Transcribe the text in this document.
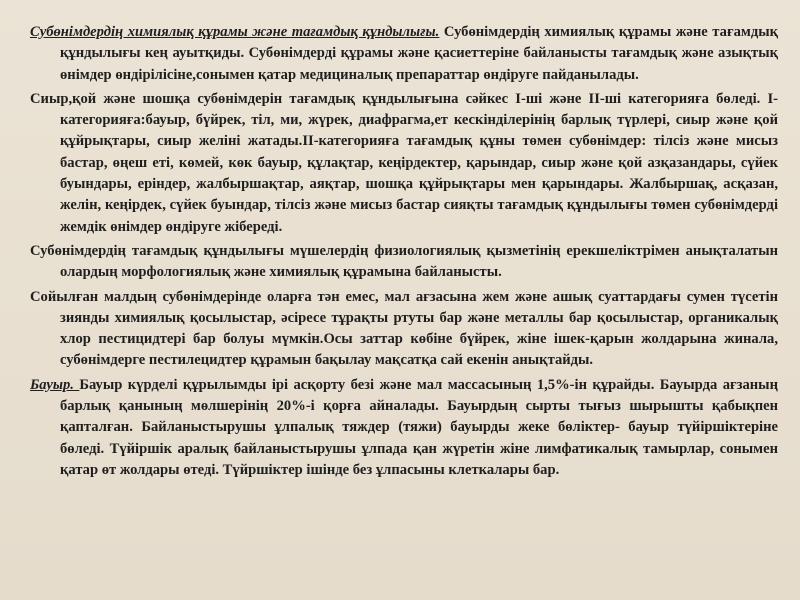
Субөнімдердің химиялық құрамы және тағамдық құндылығы. Субөнімдердің химиялық құрамы және тағамдық құндылығы кең ауытқиды. Субөнімдерді құрамы және қасиеттеріне байланысты тағамдық және азықтық өнімдер өндірілісіне,сонымен қатар медициналық препараттар өндіруге пайданылады.

Сиыр,қой және шошқа субөнімдерін тағамдық құндылығына сәйкес I-ші және II-ші категорияға бөледі. I- категорияға:бауыр, бүйрек, тіл, ми, жүрек, диафрагма,ет кескінділерінің барлық түрлері, сиыр және қой құйрықтары, сиыр желіні жатады.II-категорияға тағамдық құны төмен субөнімдер: тілсіз және мисыз бастар, өңеш еті, көмей, көк бауыр, құлақтар, кеңірдектер, қарындар, сиыр және қой азқазандары, сүйек буындары, еріндер, жалбыршақтар, аяқтар, шошқа құйрықтары мен қарындары. Жалбыршақ, асқазан, желін, кеңірдек, сүйек буындар, тілсіз және мисыз бастар сияқты тағамдық құндылығы төмен субөнімдерді жемдік өнімдер өндіруге жібереді.

Субөнімдердің тағамдық құндылығы мүшелердің физиологиялық қызметінің ерекшеліктрімен анықталатын олардың морфологиялық және химиялық құрамына байланысты.

Сойылған малдың субөнімдерінде оларға тән емес, мал ағзасына жем және ашық суаттардағы сумен түсетін зиянды химиялық қосылыстар, әсіресе тұрақты ртуты бар және металлы бар қосылыстар, органикалық хлор пестицидтері бар болуы мүмкін.Осы заттар көбіне бүйрек, жіне ішек-қарын жолдарына жинала, субөнімдерге пестилецидтер құрамын бақылау мақсатқа сай екенін анықтайды.

Бауыр. Бауыр күрделі құрылымды ірі асқорту безі және мал массасының 1,5%-ін құрайды. Бауырда ағзаның барлық қанының мөлшерінің 20%-і қорға айналады. Бауырдың сырты тығыз шырышты қабықпен қапталған. Байланыстырушы ұлпалық тяждер (тяжи) бауырды жеке бөліктер- бауыр түйіршіктеріне бөледі. Түйіршік аралық байланыстырушы ұлпада қан жүретін жіне лимфатикалық тамырлар, сонымен қатар өт жолдары өтеді. Түйршіктер ішінде без ұлпасыны клеткалары бар.
